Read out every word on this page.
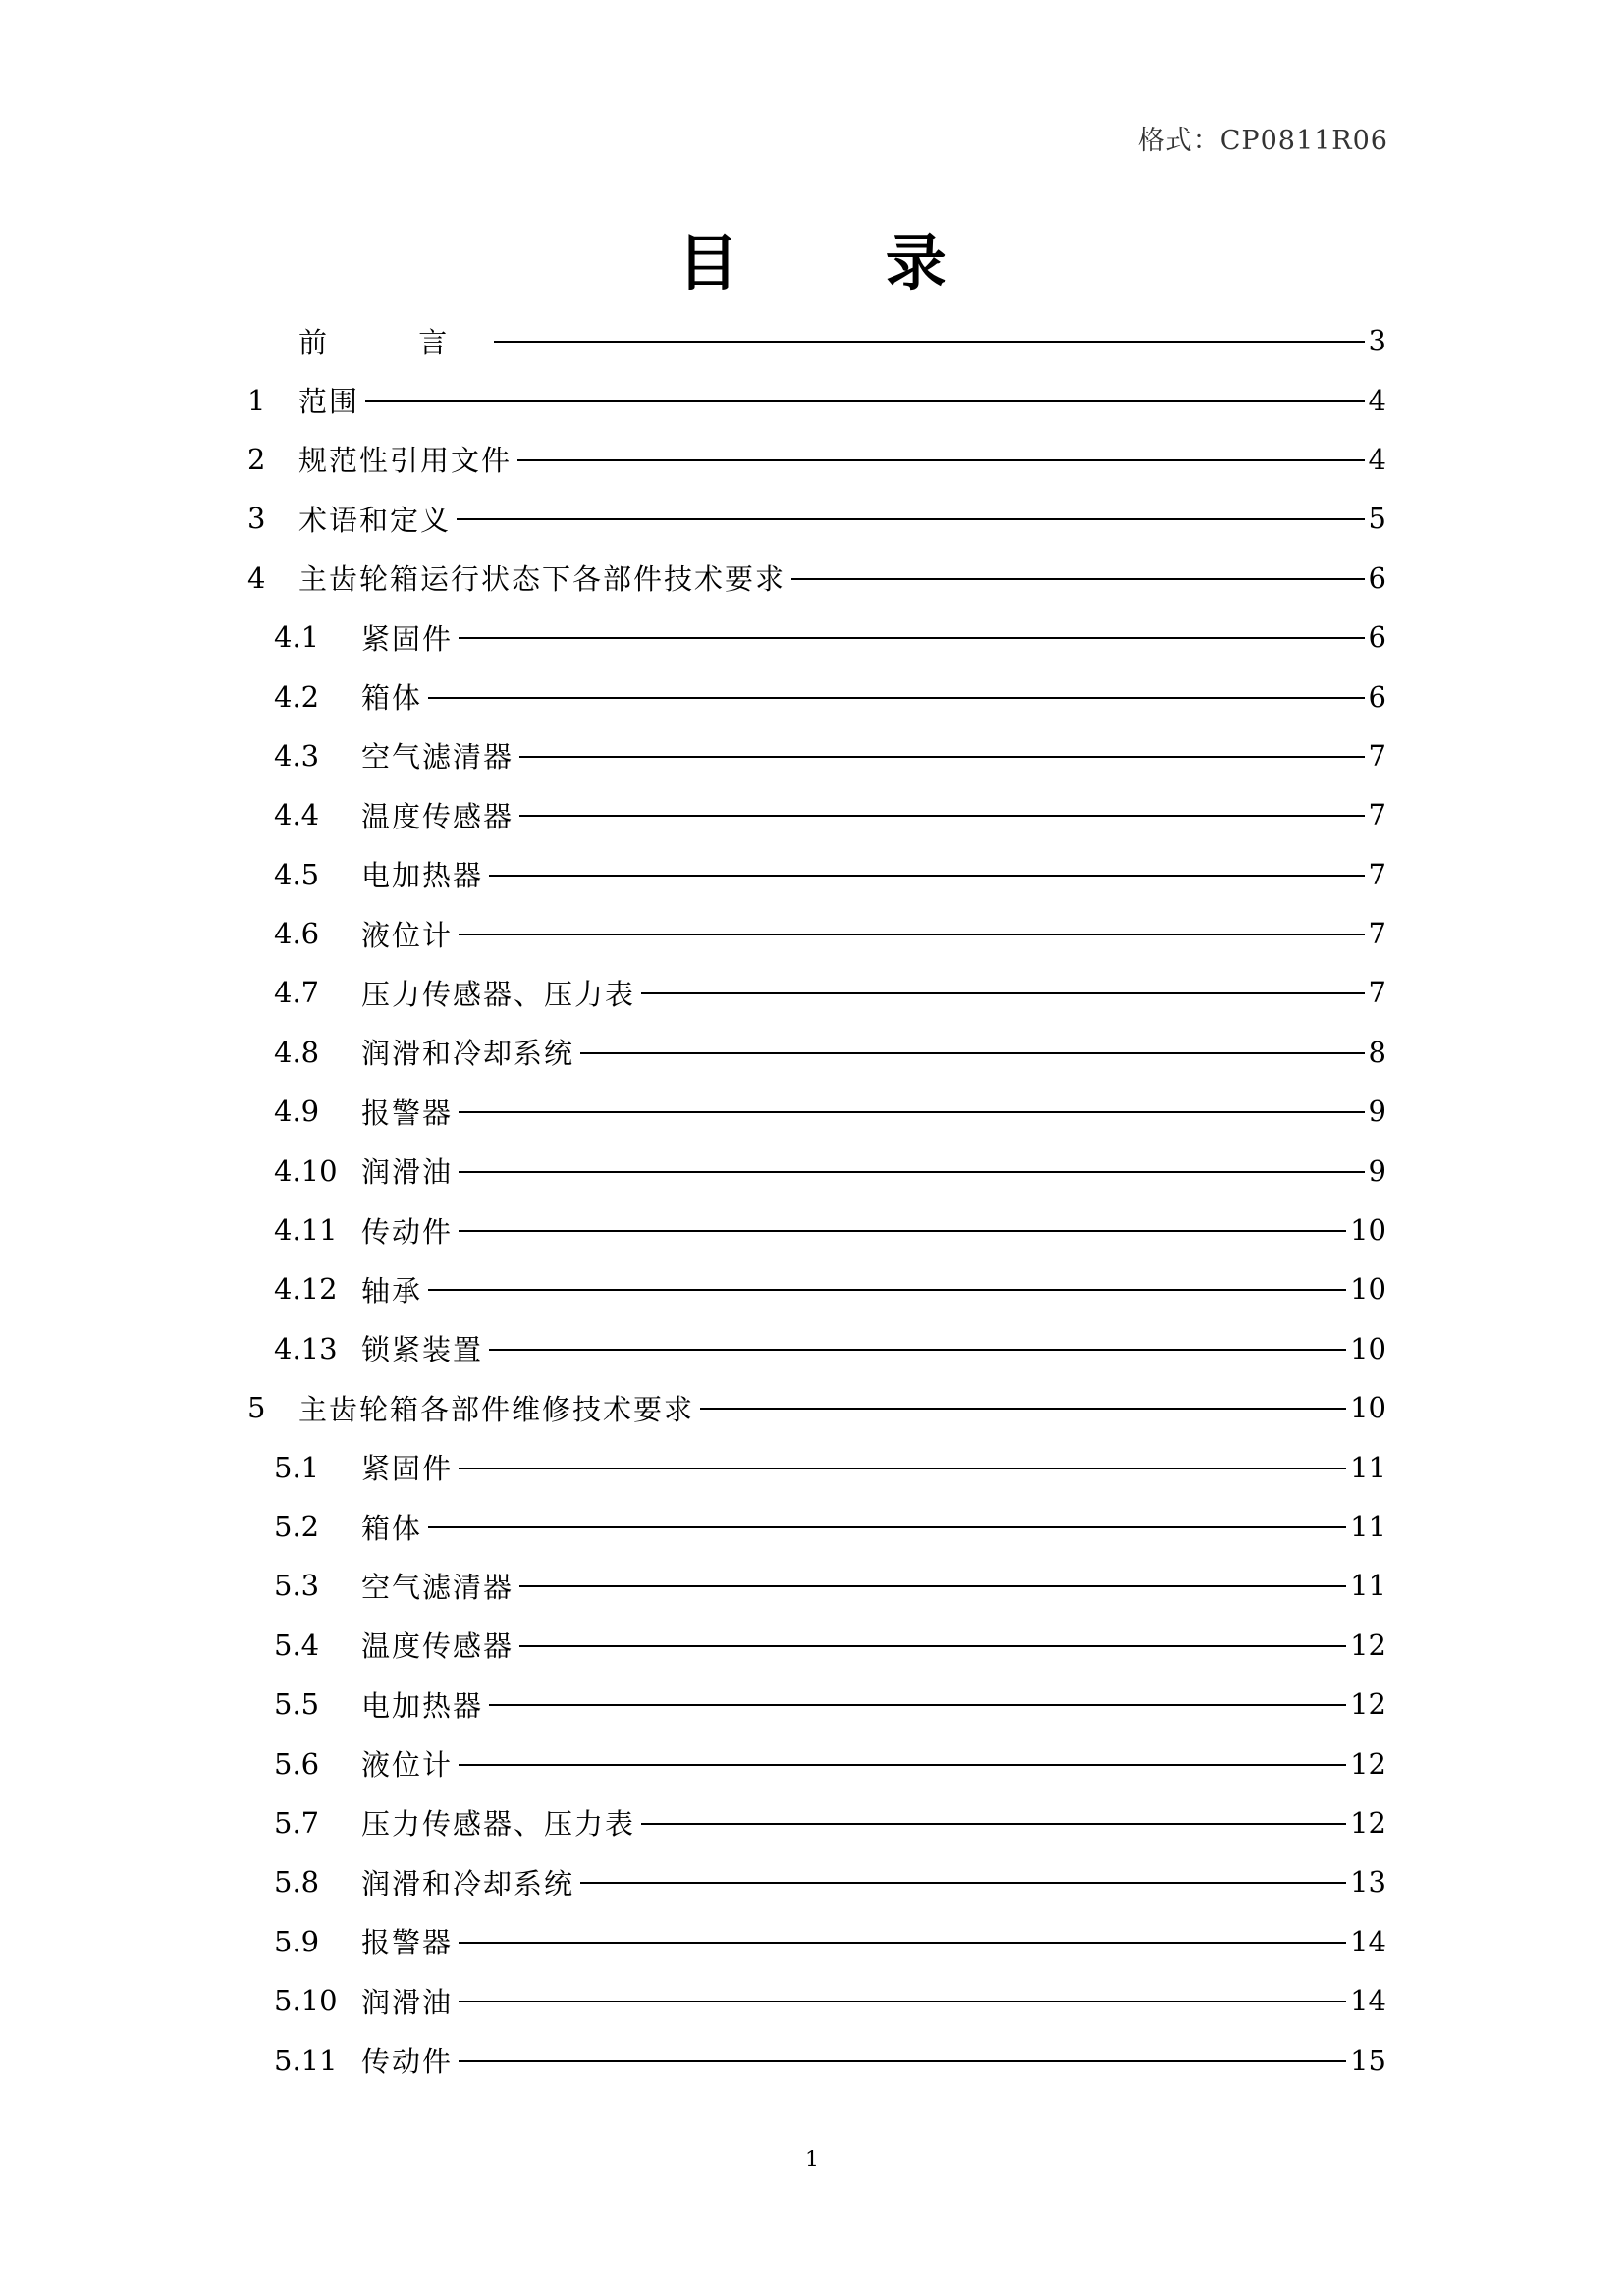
格式：CP0811R06
目 录
前 言	3
1	范围	4
2	规范性引用文件	4
3	术语和定义	5
4	主齿轮箱运行状态下各部件技术要求	6
4.1	紧固件	6
4.2	箱体	6
4.3	空气滤清器	7
4.4	温度传感器	7
4.5	电加热器	7
4.6	液位计	7
4.7	压力传感器、压力表	7
4.8	润滑和冷却系统	8
4.9	报警器	9
4.10 润滑油	9
4.11 传动件	10
4.12 轴承	10
4.13 锁紧装置	10
5	主齿轮箱各部件维修技术要求	10
5.1	紧固件	11
5.2	箱体	11
5.3	空气滤清器	11
5.4	温度传感器	12
5.5	电加热器	12
5.6	液位计	12
5.7	压力传感器、压力表	12
5.8	润滑和冷却系统	13
5.9	报警器	14
5.10 润滑油	14
5.11 传动件	15
1
